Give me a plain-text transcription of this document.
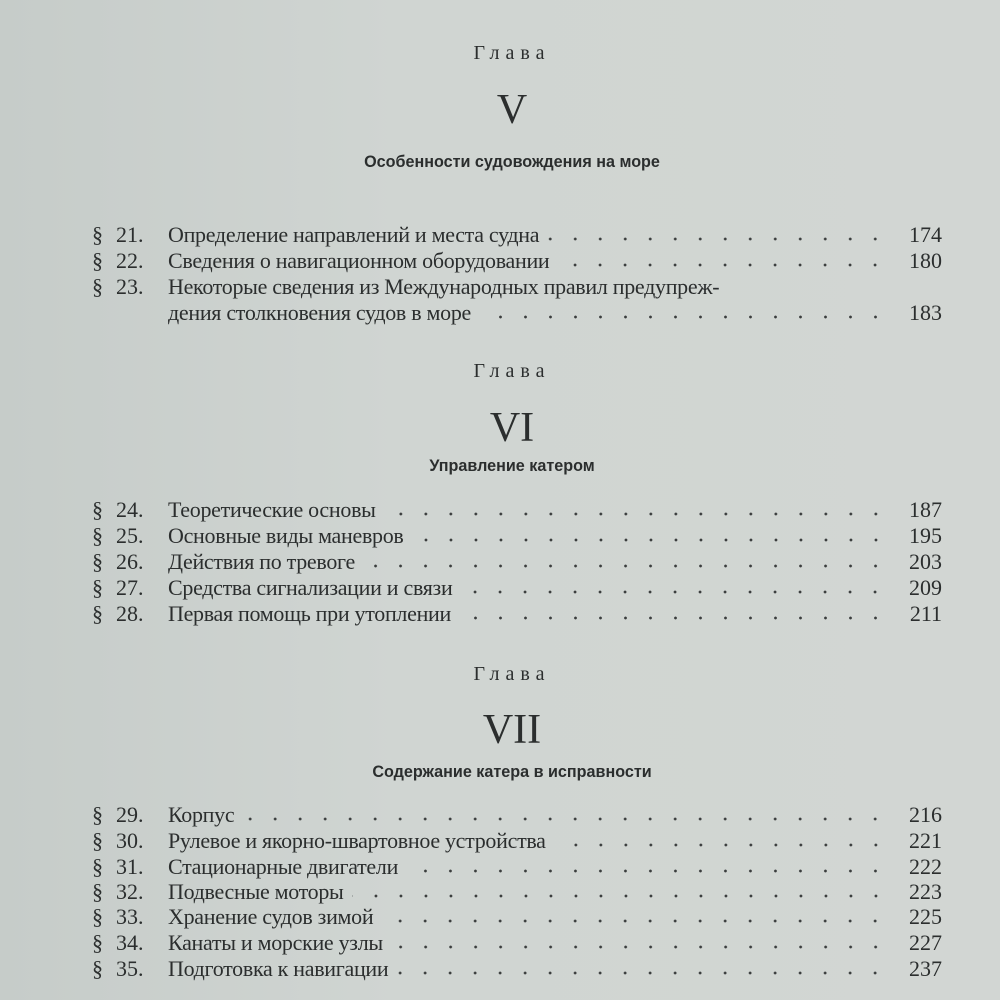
Глава
V
Особенности судовождения на море
§ 21.	Определение направлений и места судна	174
§ 22.	Сведения о навигационном оборудовании	180
§ 23.	Некоторые сведения из Международных правил предупреж-
дения столкновения судов в море	183
Глава
VI
Управление катером
§ 24.	Теоретические основы	187
§ 25.	Основные виды маневров	195
§ 26.	Действия по тревоге	203
§ 27.	Средства сигнализации и связи	209
§ 28.	Первая помощь при утоплении	211
Глава
VII
Содержание катера в исправности
§ 29.	Корпус	216
§ 30.	Рулевое и якорно-швартовное устройства	221
§ 31.	Стационарные двигатели	222
§ 32.	Подвесные моторы	223
§ 33.	Хранение судов зимой	225
§ 34.	Канаты и морские узлы	227
§ 35.	Подготовка к навигации	237
